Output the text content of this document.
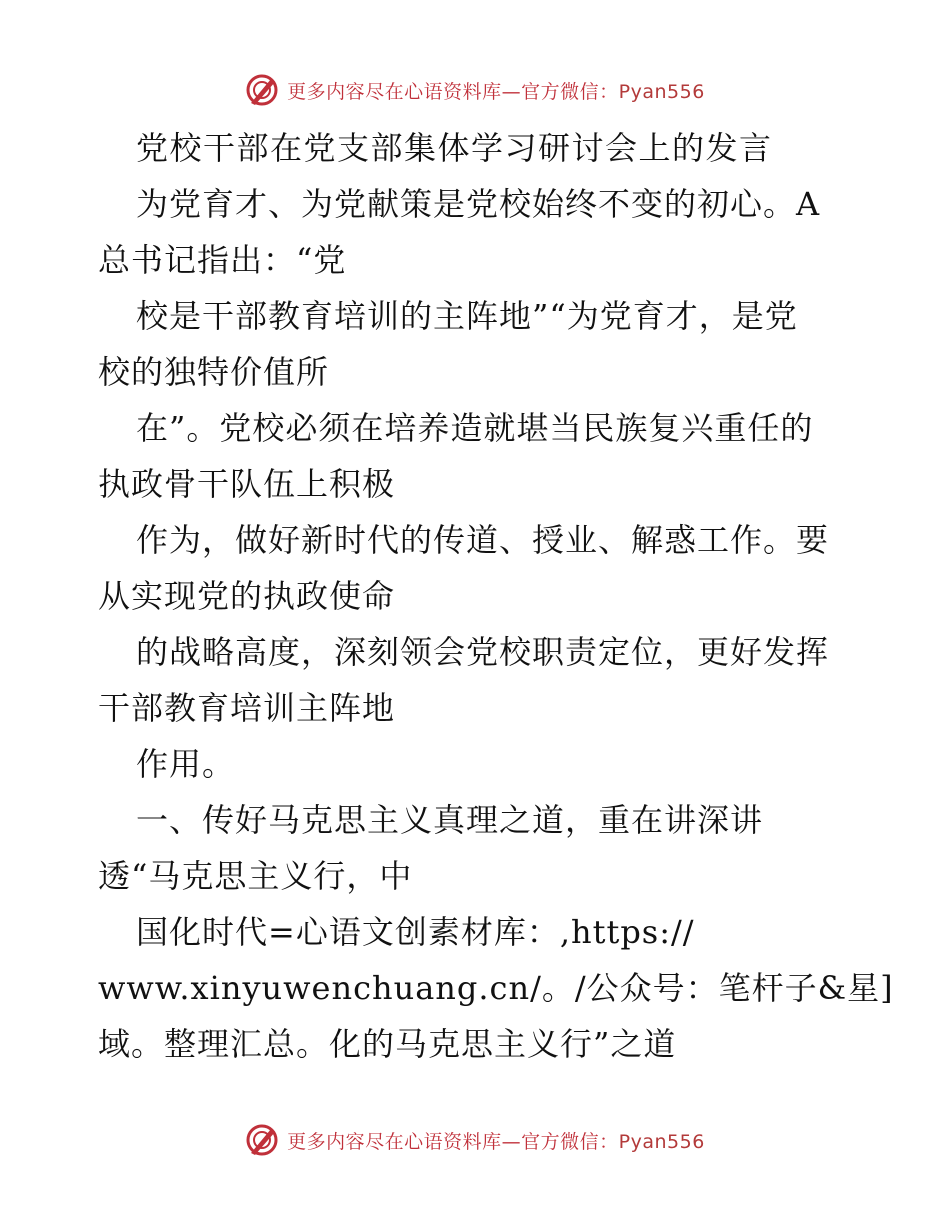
更多内容尽在心语资料库—官方微信：Pyan556
党校干部在党支部集体学习研讨会上的发言
为党育才、为党献策是党校始终不变的初心。A
总书记指出：“党
校是干部教育培训的主阵地”“为党育才，是党
校的独特价值所
在”。党校必须在培养造就堪当民族复兴重任的
执政骨干队伍上积极
作为，做好新时代的传道、授业、解惑工作。要
从实现党的执政使命
的战略高度，深刻领会党校职责定位，更好发挥
干部教育培训主阵地
作用。
一、传好马克思主义真理之道，重在讲深讲
透“马克思主义行，中
国化时代=心语文创素材库：,https://
www.xinyuwenchuang.cn/。/公众号：笔杆子&星]
域。整理汇总。化的马克思主义行”之道
更多内容尽在心语资料库—官方微信：Pyan556
